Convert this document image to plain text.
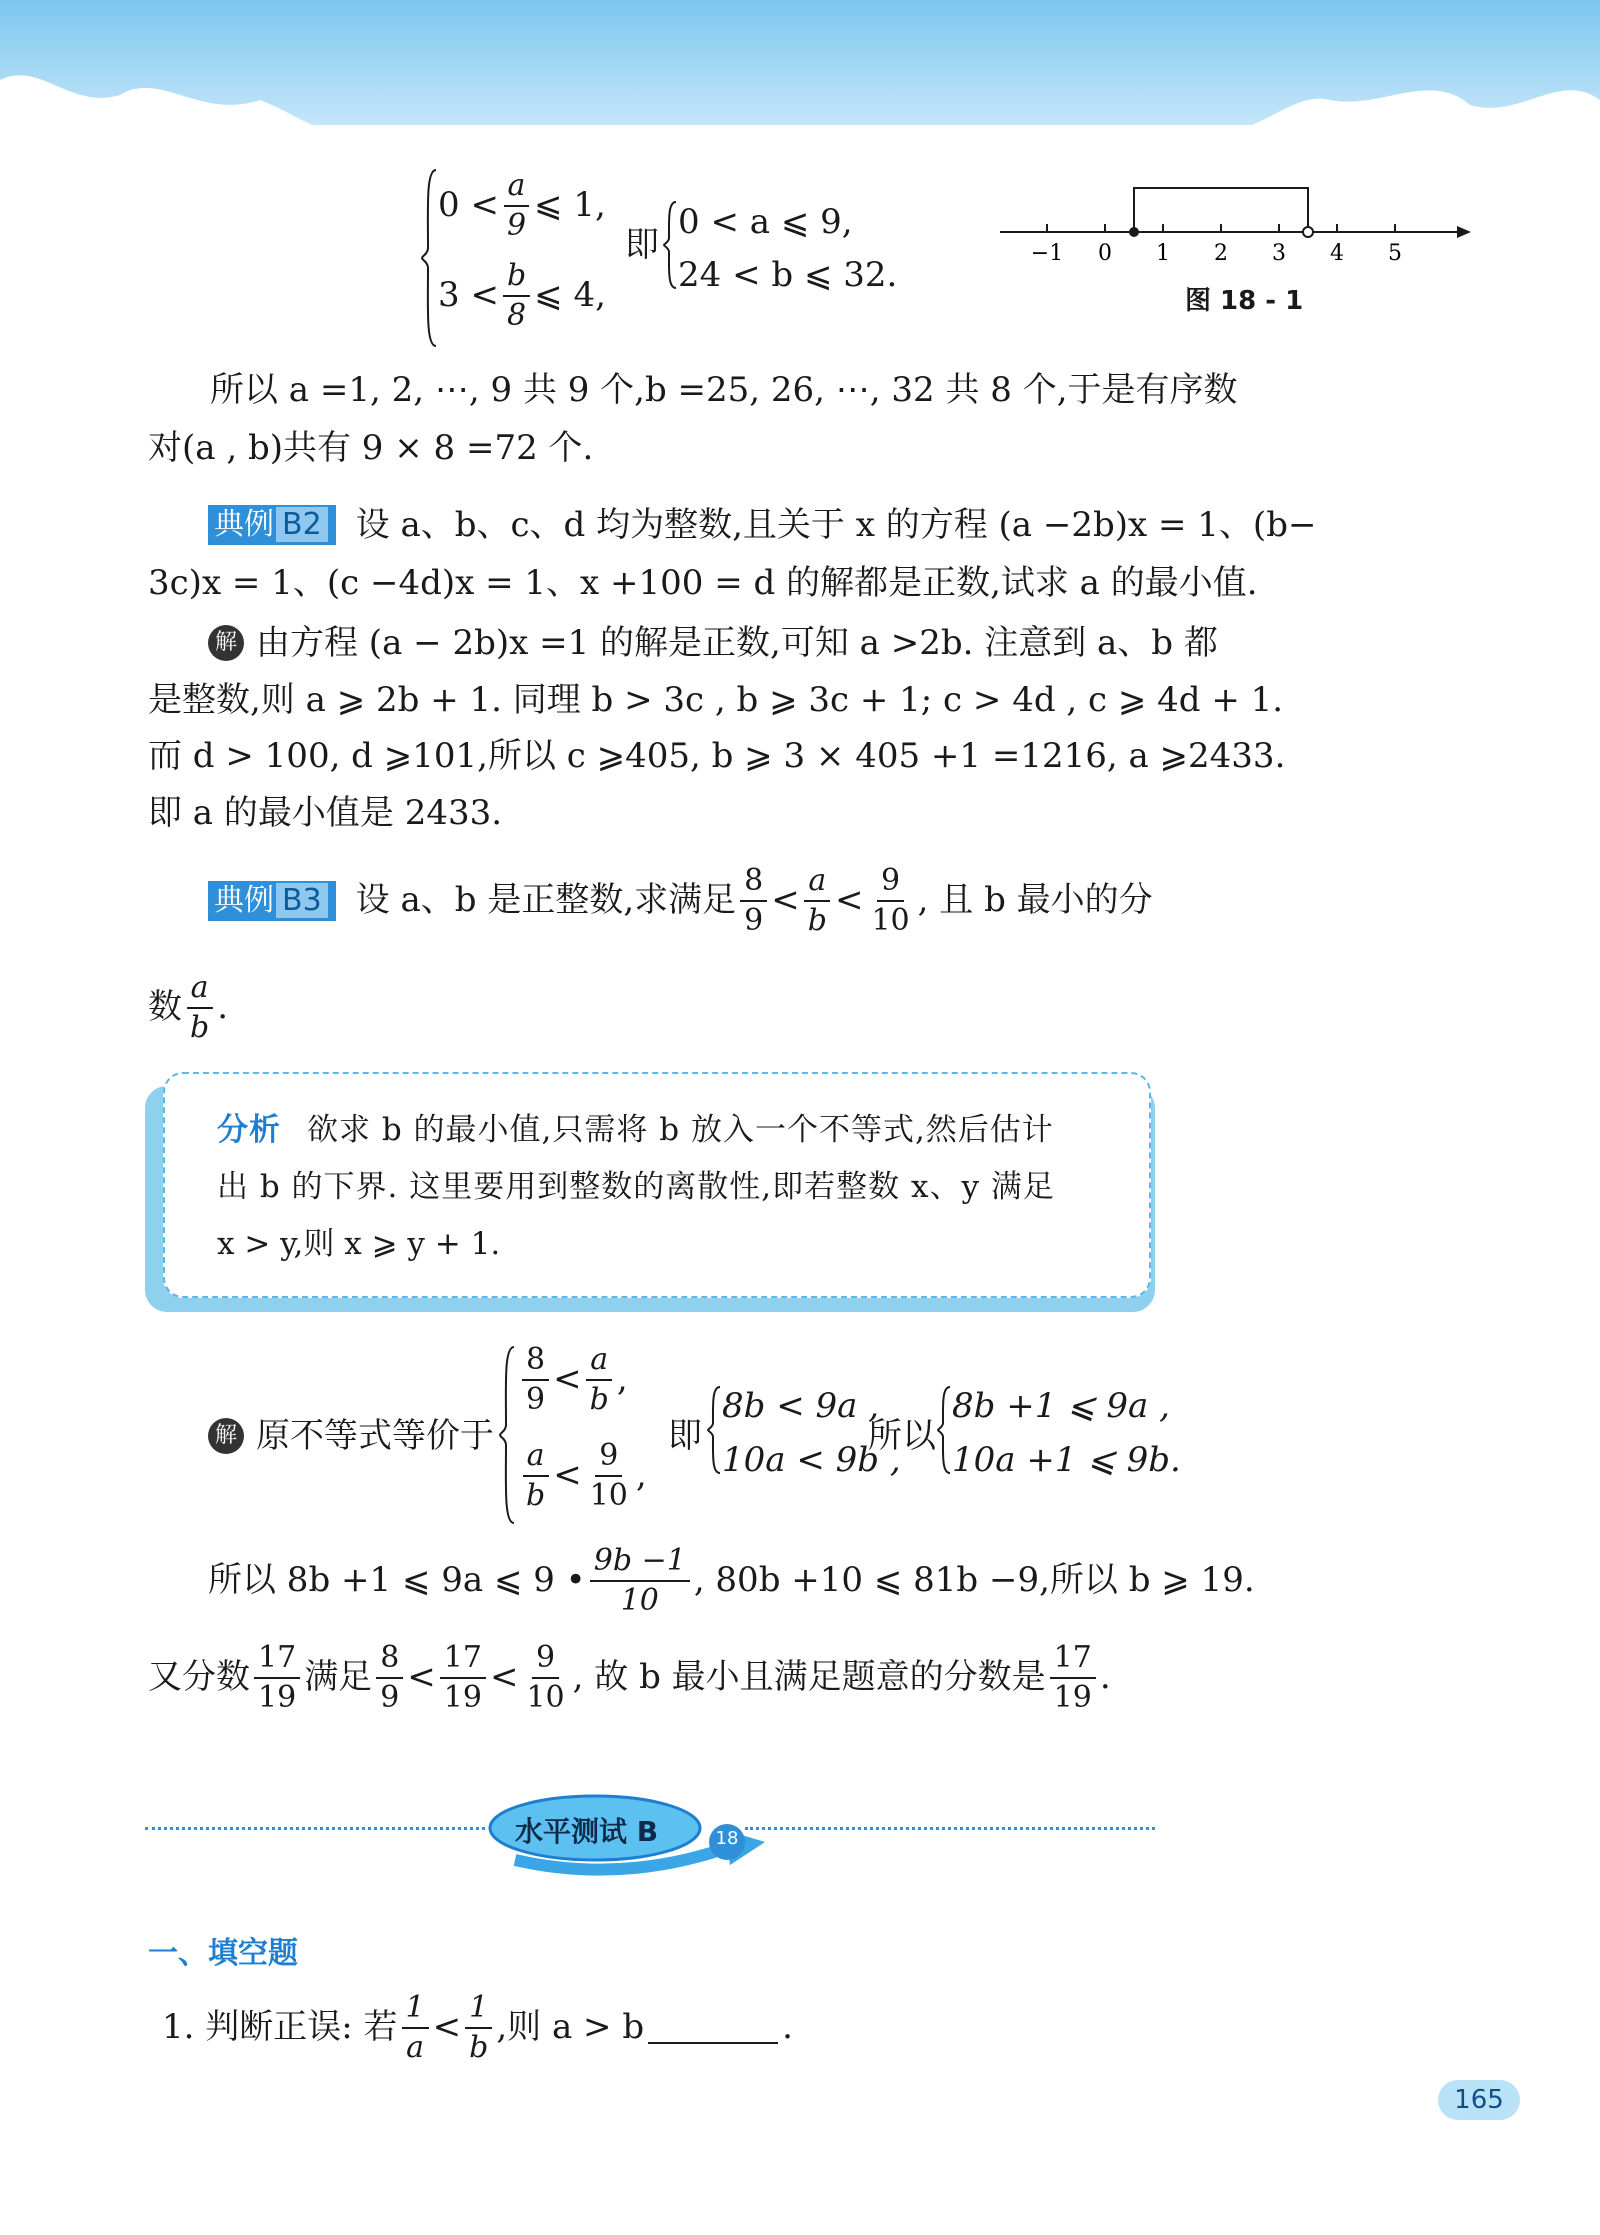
$0 < \frac{a}{9}$ ⩽ 1,
$3 < \frac{b}{8}$ ⩽ 4,
即
0 < a ⩽ 9,
24 < b ⩽ 32.
−1 0 1 2 3 4 5
图 18 - 1
所以 a =1, 2, ⋯, 9 共 9 个,b =25, 26, ⋯, 32 共 8 个,于是有序数
对(a , b)共有 9 × 8 =72 个.
典例 B2	设 a、b、c、d 均为整数,且关于 x 的方程 (a −2b)x = 1、(b−
3c)x = 1、(c −4d)x = 1、x +100 = d 的解都是正数,试求 a 的最小值.
解 由方程 (a − 2b)x =1 的解是正数,可知 a >2b. 注意到 a、b 都
是整数,则 a ⩾ 2b + 1. 同理 b > 3c , b ⩾ 3c + 1; c > 4d , c ⩾ 4d + 1.
而 d > 100, d ⩾101,所以 c ⩾405, b ⩾ 3 × 405 +1 =1216, a ⩾2433.
即 a 的最小值是 2433.
典例 B3	设 a、b 是正整数,求满足 $\frac{8}{9} < \frac{a}{b} < \frac{9}{10}$ , 且 b 最小的分
数 $\frac{a}{b}$ .
分析 欲求 b 的最小值,只需将 b 放入一个不等式,然后估计
出 b 的下界. 这里要用到整数的离散性,即若整数 x、y 满足
x > y,则 x ⩾ y + 1.
解 原不等式等价于
$\frac{8}{9} < \frac{a}{b}$ ,
$\frac{a}{b} < \frac{9}{10}$ ,
即
8b < 9a ,
10a < 9b ,
所以
8b +1 ⩽ 9a ,
10a +1 ⩽ 9b.
所以 8b +1 ⩽ 9a ⩽ 9 • $\frac{9b -1}{10}$ , 80b +10 ⩽ 81b −9,所以 b ⩾ 19.
又分数 $\frac{17}{19}$ 满足 $\frac{8}{9} < \frac{17}{19} < \frac{9}{10}$ , 故 b 最小且满足题意的分数是 $\frac{17}{19}$ .
水平测试 B	18
一、填空题
1. 判断正误: 若 $\frac{1}{a} < \frac{1}{b}$ ,则 a > b	.
165
